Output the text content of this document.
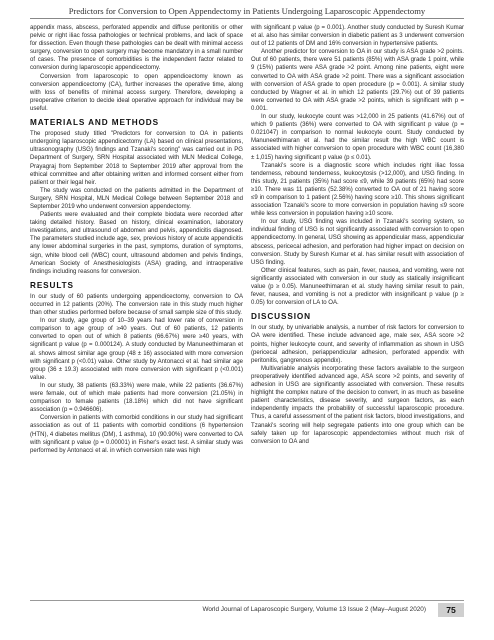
Predictors for Conversion to Open Appendectomy in Patients Undergoing Laparoscopic Appendectomy

appendix mass, abscess, perforated appendix and diffuse peritonitis or other pelvic or right iliac fossa pathologies or technical problems, and lack of space for dissection. Even though these pathologies can be dealt with minimal access surgery, conversion to open surgery may become mandatory in a small number of cases. The presence of comorbidities is the independent factor related to conversion during laparoscopic appendicectomy.

Conversion from laparoscopic to open appendicectomy known as conversion appendicectomy (CA), further increases the operative time, along with loss of benefits of minimal access surgery. Therefore, developing a preoperative criterion to decide ideal operative approach for individual may be useful.

MATERIALS AND METHODS

The proposed study titled "Predictors for conversion to OA in patients undergoing laparoscopic appendicectomy (LA) based on clinical presentations, ultrasonography (USG) findings and Tzanaki's scoring" was carried out in PG Department of Surgery, SRN Hospital associated with MLN Medical College, Prayagraj from September 2018 to September 2019 after approval from the ethical committee and after obtaining written and informed consent either from patient or their legal heir.

The study was conducted on the patients admitted in the Department of Surgery, SRN Hospital, MLN Medical College between September 2018 and September 2019 who underwent conversion appendectomy.

Patients were evaluated and their complete biodata were recorded after taking detailed history. Based on history, clinical examination, laboratory investigations, and ultrasound of abdomen and pelvis, appendicitis diagnosed. The parameters studied include age, sex, previous history of acute appendicitis any lower abdominal surgeries in the past, symptoms, duration of symptoms, sign, white blood cell (WBC) count, ultrasound abdomen and pelvis findings, American Society of Anesthesiologists (ASA) grading, and intraoperative findings including reasons for conversion.

RESULTS

In our study of 60 patients undergoing appendicectomy, conversion to OA occurred in 12 patients (20%). The conversion rate in this study much higher than other studies performed before because of small sample size of this study.

In our study, age group of 10–39 years had lower rate of conversion in comparison to age group of ≥40 years. Out of 60 patients, 12 patients converted to open out of which 8 patients (66.67%) were ≥40 years, with significant p value (p = 0.000124). A study conducted by Manuneethimaran et al. shows almost similar age group (48 ± 16) associated with more conversion with significant p (<0.01) value. Other study by Antonacci et al. had similar age group (36 ± 19.3) associated with more conversion with significant p (<0.001) value.

In our study, 38 patients (63.33%) were male, while 22 patients (36.67%) were female, out of which male patients had more conversion (21.05%) in comparison to female patients (18.18%) which did not have significant association (p = 0.946606).

Conversion in patients with comorbid conditions in our study had significant association as out of 11 patients with comorbid conditions (6 hypertension (HTN), 4 diabetes mellitus (DM), 1 asthma), 10 (90.90%) were converted to OA with significant p value (p = 0.00001) in Fisher's exact test. A similar study was performed by Antonacci et al. in which conversion rate was high

with significant p value (p = 0.001). Another study conducted by Suresh Kumar et al. also has similar conversion in diabetic patient as 3 underwent conversion out of 12 patients of DM and 16% conversion in hypertensive patients.

Another predictor for conversion to OA in our study is ASA grade >2 points. Out of 60 patients, there were 51 patients (85%) with ASA grade 1 point, while 9 (15%) patients were ASA grade >2 point. Among nine patients, eight were converted to OA with ASA grade >2 point. There was a significant association with conversion of ASA grade to open procedure (p = 0.001). A similar study conducted by Wagner et al. in which 12 patients (29.7%) out of 39 patients were converted to OA with ASA grade >2 points, which is significant with p = 0.001.

In our study, leukocyte count was >12,000 in 25 patients (41.67%) out of which 9 patients (36%) were converted to OA with significant p value (p = 0.021047) in comparison to normal leukocyte count. Study conducted by Manuneethimaran et al. had the similar result the high WBC count is associated with higher conversion to open procedure with WBC count (16,380 ± 1,015) having significant p value (p ≤ 0.01).

Tzanaki's score is a diagnostic score which includes right iliac fossa tenderness, rebound tenderness, leukocytosis (>12,000), and USG finding. In this study, 21 patients (35%) had score ≤9, while 39 patients (65%) had score ≥10. There was 11 patients (52.38%) converted to OA out of 21 having score ≤9 in comparison to 1 patient (2.56%) having score ≥10. This shows significant association Tzanaki's score to more conversion in population having ≤9 score while less conversion in population having ≥10 score.

In our study, USG finding was included in Tzanaki's scoring system, so individual finding of USG is not significantly associated with conversion to open appendicectomy. In general, USG showing as appendicular mass, appendicular abscess, pericecal adhesion, and perforation had higher impact on decision on conversion. Study by Suresh Kumar et al. has similar result with association of USG finding.

Other clinical features, such as pain, fever, nausea, and vomiting, were not significantly associated with conversion in our study as statically insignificant value (p ≥ 0.05). Manuneethimaran et al. study having similar result to pain, fever, nausea, and vomiting is not a predictor with insignificant p value (p ≥ 0.05) for conversion of LA to OA.

DISCUSSION

In our study, by univariable analysis, a number of risk factors for conversion to OA were identified. These include advanced age, male sex, ASA score >2 points, higher leukocyte count, and severity of inflammation as shown in USG (pericecal adhesion, periappendicular adhesion, perforated appendix with peritonitis, gangrenous appendix).

Multivariable analysis incorporating these factors available to the surgeon preoperatively identified advanced age, ASA score >2 points, and severity of adhesion in USG are significantly associated with conversion. These results highlight the complex nature of the decision to convert, in as much as baseline patient characteristics, disease severity, and surgeon factors, as each independently impacts the probability of successful laparoscopic procedure. Thus, a careful assessment of the patient risk factors, blood investigations, and Tzanaki's scoring will help segregate patients into one group which can be safely taken up for laparoscopic appendectomies without much risk of conversion to OA and

World Journal of Laparoscopic Surgery, Volume 13 Issue 2 (May–August 2020)	75
